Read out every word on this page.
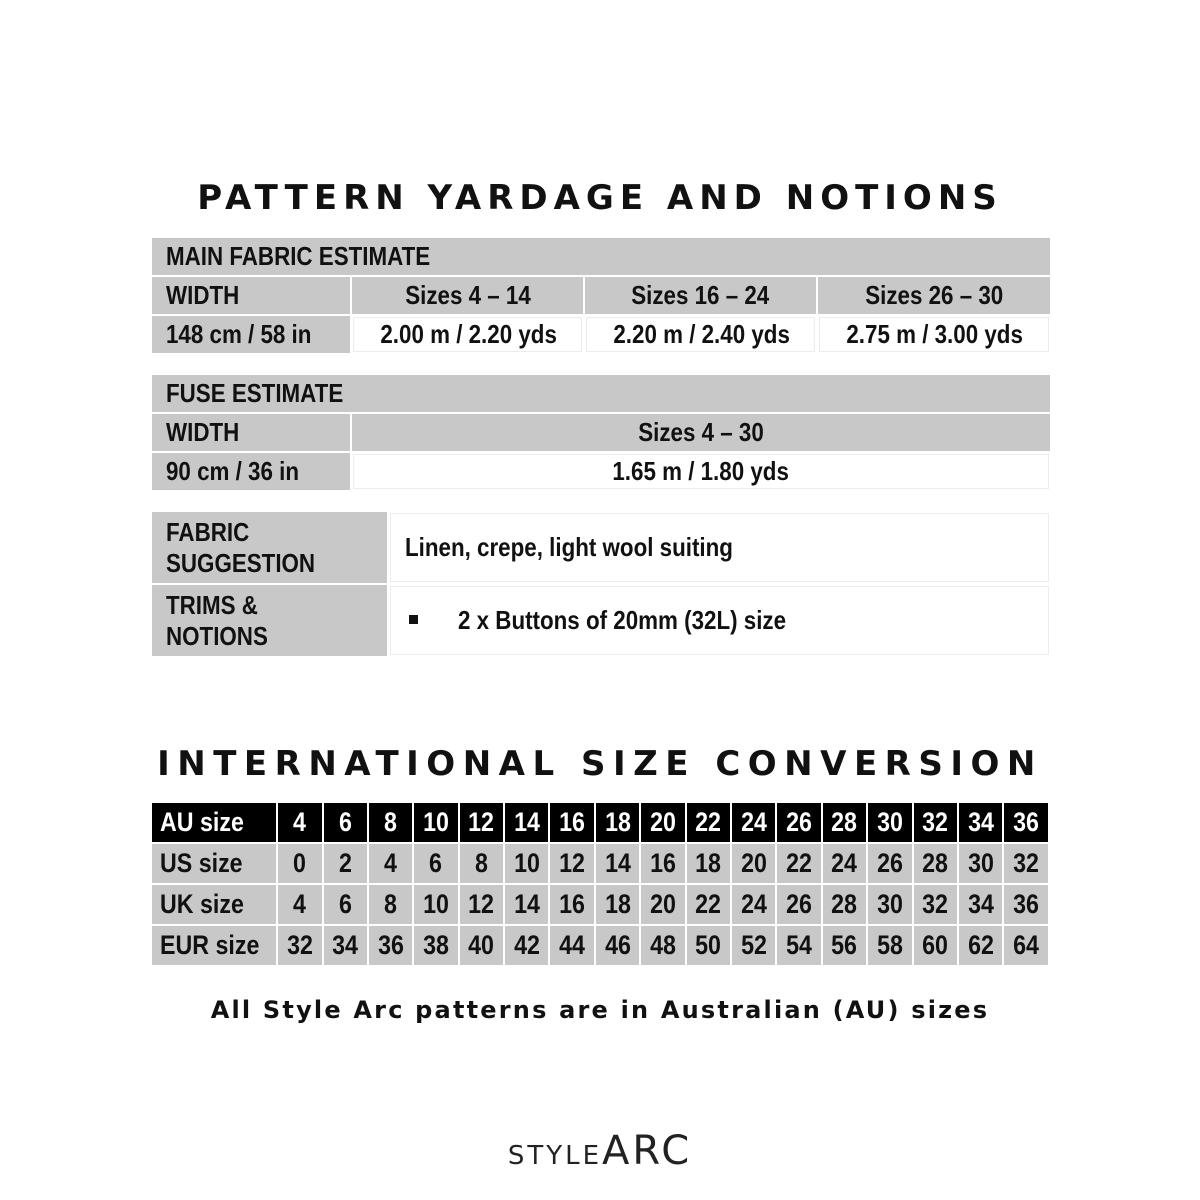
PATTERN YARDAGE AND NOTIONS
MAIN FABRIC ESTIMATE			
WIDTH	Sizes 4 – 14	Sizes 16 – 24	Sizes 26 – 30
148 cm / 58 in	2.00 m / 2.20 yds	2.20 m / 2.40 yds	2.75 m / 3.00 yds
FUSE ESTIMATE	
WIDTH	Sizes 4 – 30
90 cm / 36 in	1.65 m / 1.80 yds
FABRIC
SUGGESTION	Linen, crepe, light wool suiting
TRIMS &
NOTIONS	2 x Buttons of 20mm (32L) size
INTERNATIONAL SIZE CONVERSION
AU size	4	6	8	10	12	14	16	18	20	22	24	26	28	30	32	34	36
US size	0	2	4	6	8	10	12	14	16	18	20	22	24	26	28	30	32
UK size	4	6	8	10	12	14	16	18	20	22	24	26	28	30	32	34	36
EUR size	32	34	36	38	40	42	44	46	48	50	52	54	56	58	60	62	64
All Style Arc patterns are in Australian (AU) sizes
STYLEARC
